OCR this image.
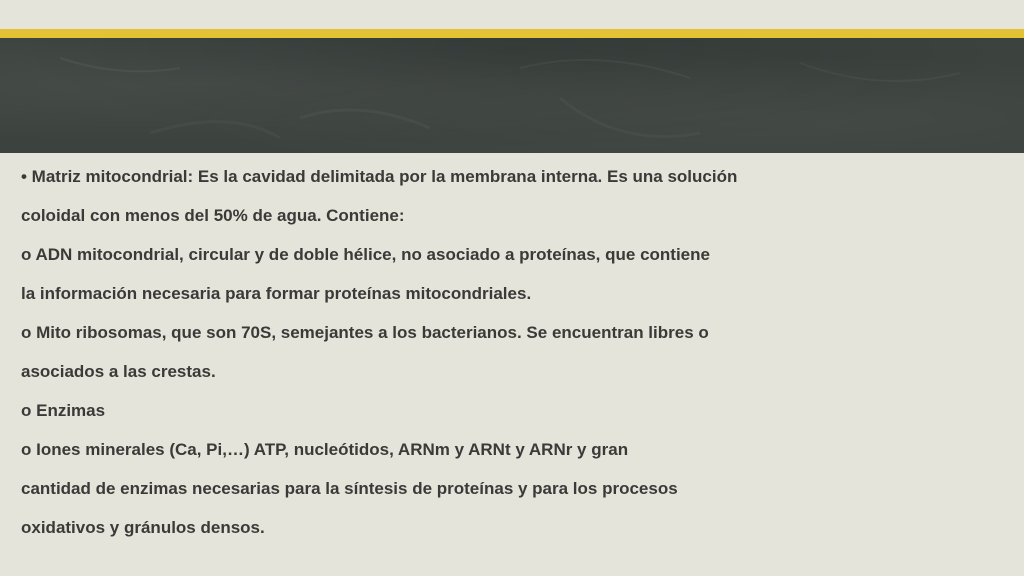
• Matriz mitocondrial: Es la cavidad delimitada por la membrana interna. Es una solución
coloidal con menos del 50% de agua. Contiene:
o ADN mitocondrial, circular y de doble hélice, no asociado a proteínas, que contiene
la información necesaria para formar proteínas mitocondriales.
o Mito ribosomas, que son 70S, semejantes a los bacterianos. Se encuentran libres o
asociados a las crestas.
o Enzimas
o Iones minerales (Ca, Pi,…) ATP, nucleótidos, ARNm y ARNt y ARNr y gran
cantidad de enzimas necesarias para la síntesis de proteínas y para los procesos
oxidativos y gránulos densos.
